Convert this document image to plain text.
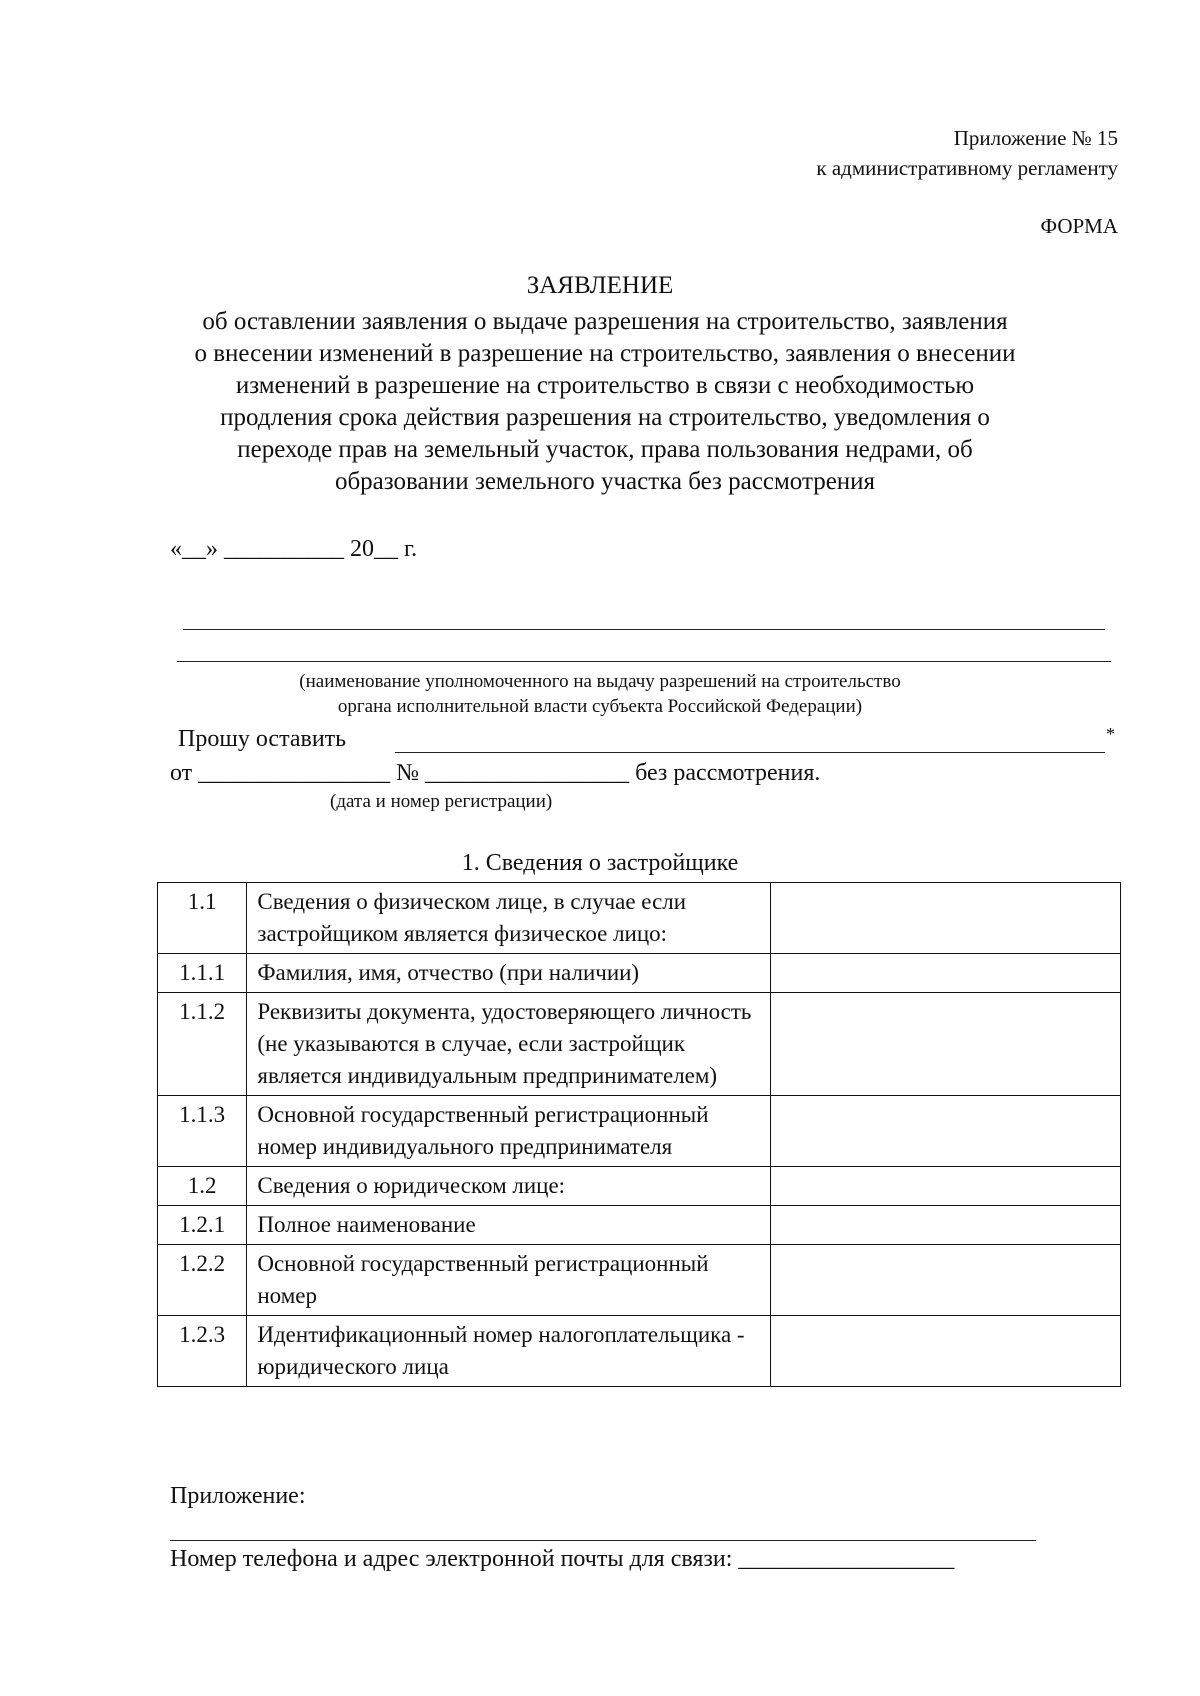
Приложение № 15
к административному регламенту
ФОРМА
ЗАЯВЛЕНИЕ
об оставлении заявления о выдаче разрешения на строительство, заявления
о внесении изменений в разрешение на строительство, заявления о внесении
изменений в разрешение на строительство в связи с необходимостью
продления срока действия разрешения на строительство, уведомления о
переходе прав на земельный участок, права пользования недрами, об
образовании земельного участка без рассмотрения
«__» __________ 20__ г.
(наименование уполномоченного на выдачу разрешений на строительство
органа исполнительной власти субъекта Российской Федерации)
Прошу оставить	*
от ________________ № _________________ без рассмотрения.
(дата и номер регистрации)
1. Сведения о застройщике
1.1	Сведения о физическом лице, в случае если застройщиком является физическое лицо:	
1.1.1	Фамилия, имя, отчество (при наличии)	
1.1.2	Реквизиты документа, удостоверяющего личность (не указываются в случае, если застройщик является индивидуальным предпринимателем)	
1.1.3	Основной государственный регистрационный номер индивидуального предпринимателя	
1.2	Сведения о юридическом лице:	
1.2.1	Полное наименование	
1.2.2	Основной государственный регистрационный номер	
1.2.3	Идентификационный номер налогоплательщика - юридического лица	
Приложение:
Номер телефона и адрес электронной почты для связи: __________________
